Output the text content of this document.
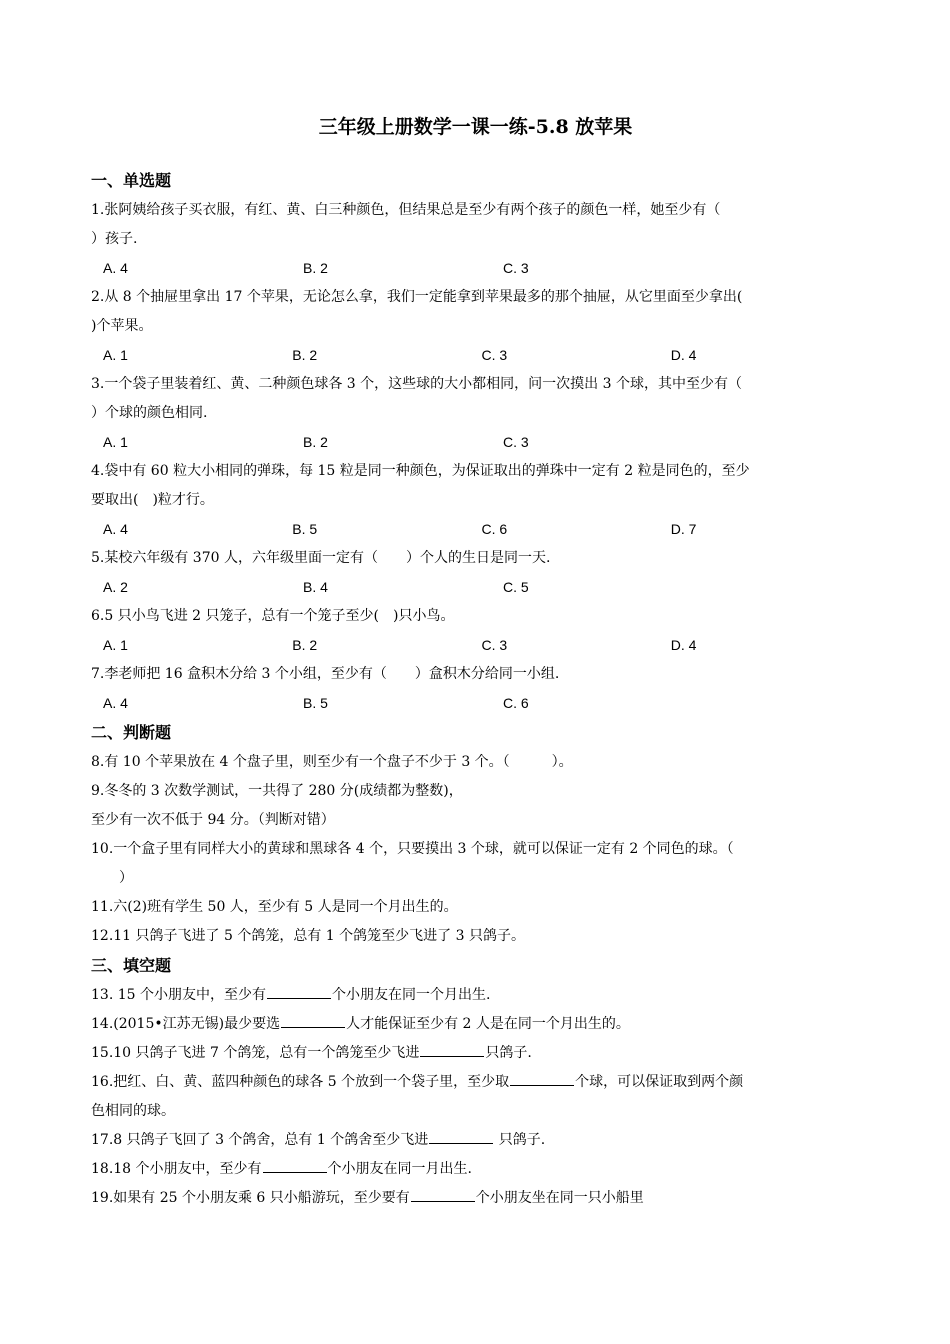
三年级上册数学一课一练-5.8 放苹果

一、单选题

1.张阿姨给孩子买衣服，有红、黄、白三种颜色，但结果总是至少有两个孩子的颜色一样，她至少有（
）孩子.

A. 4	B. 2	C. 3

2.从 8 个抽屉里拿出 17 个苹果，无论怎么拿，我们一定能拿到苹果最多的那个抽屉，从它里面至少拿出(
)个苹果。

A. 1	B. 2	C. 3	D. 4

3.一个袋子里装着红、黄、二种颜色球各 3 个，这些球的大小都相同，问一次摸出 3 个球，其中至少有（
）个球的颜色相同.

A. 1	B. 2	C. 3

4.袋中有 60 粒大小相同的弹珠，每 15 粒是同一种颜色，为保证取出的弹珠中一定有 2 粒是同色的，至少
要取出(　)粒才行。

A. 4	B. 5	C. 6	D. 7

5.某校六年级有 370 人，六年级里面一定有（　　）个人的生日是同一天.

A. 2	B. 4	C. 5

6.5 只小鸟飞进 2 只笼子，总有一个笼子至少(　)只小鸟。

A. 1	B. 2	C. 3	D. 4

7.李老师把 16 盒积木分给 3 个小组，至少有（　　）盒积木分给同一小组.

A. 4	B. 5	C. 6

二、判断题

8.有 10 个苹果放在 4 个盘子里，则至少有一个盘子不少于 3 个。（　　　）。

9.冬冬的 3 次数学测试，一共得了 280 分(成绩都为整数)，
至少有一次不低于 94 分。（判断对错）

10.一个盒子里有同样大小的黄球和黑球各 4 个，只要摸出 3 个球，就可以保证一定有 2 个同色的球。（
　　）

11.六(2)班有学生 50 人，至少有 5 人是同一个月出生的。

12.11 只鸽子飞进了 5 个鸽笼，总有 1 个鸽笼至少飞进了 3 只鸽子。

三、填空题

13. 15 个小朋友中，至少有	个小朋友在同一个月出生.

14.(2015•江苏无锡)最少要选	人才能保证至少有 2 人是在同一个月出生的。

15.10 只鸽子飞进 7 个鸽笼，总有一个鸽笼至少飞进	只鸽子.

16.把红、白、黄、蓝四种颜色的球各 5 个放到一个袋子里，至少取	个球，可以保证取到两个颜
色相同的球。

17.8 只鸽子飞回了 3 个鸽舍，总有 1 个鸽舍至少飞进	只鸽子.

18.18 个小朋友中，至少有	个小朋友在同一月出生.

19.如果有 25 个小朋友乘 6 只小船游玩，至少要有	个小朋友坐在同一只小船里
